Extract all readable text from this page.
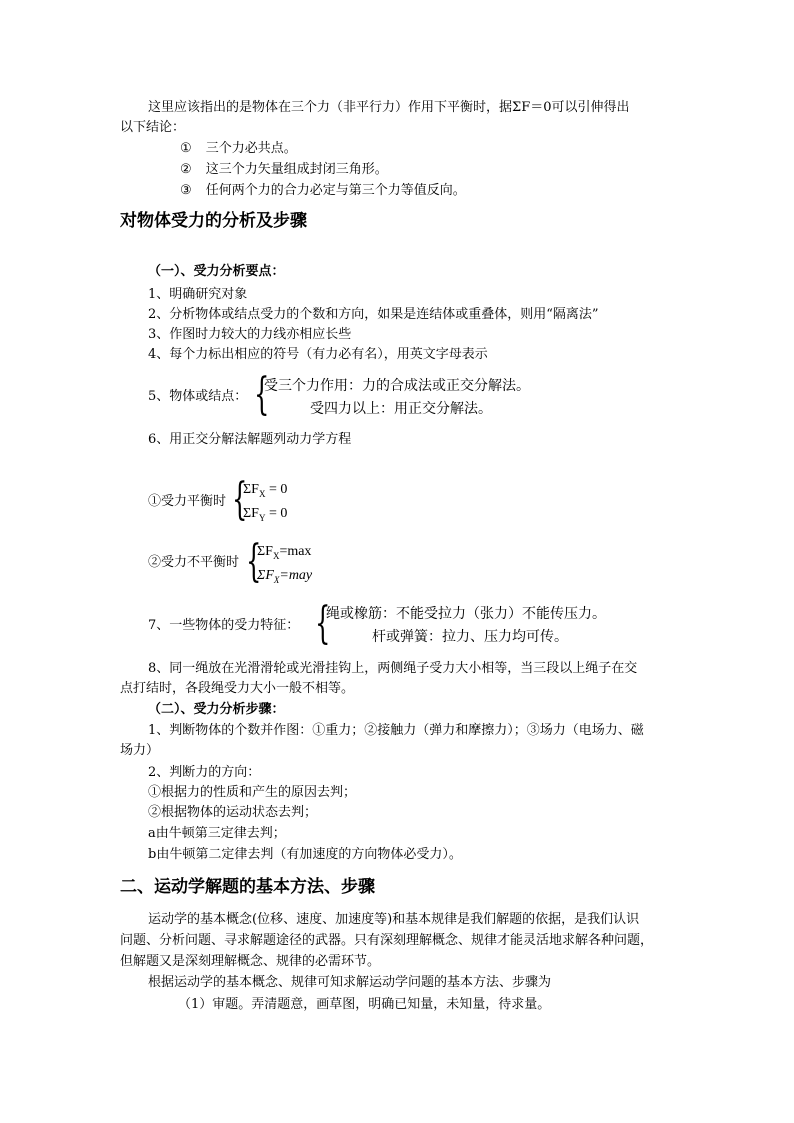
这里应该指出的是物体在三个力（非平行力）作用下平衡时，据ΣF＝0可以引伸得出
以下结论：
① 三个力必共点。
② 这三个力矢量组成封闭三角形。
③ 任何两个力的合力必定与第三个力等值反向。
对物体受力的分析及步骤
（一）、受力分析要点：
1、明确研究对象
2、分析物体或结点受力的个数和方向，如果是连结体或重叠体，则用“隔离法”
3、作图时力较大的力线亦相应长些
4、每个力标出相应的符号（有力必有名），用英文字母表示
5、物体或结点： {
受三个力作用：力的合成法或正交分解法。
受四力以上：用正交分解法。
6、用正交分解法解题列动力学方程
①受力平衡时 {
$\Sigma F_X = 0$
$\Sigma F_Y = 0$
②受力不平衡时 {
$\Sigma F_X=\max$
$\Sigma F_X=may$
7、一些物体的受力特征： {
绳或橡筋：不能受拉力（张力）不能传压力。
杆或弹簧：拉力、压力均可传。
8、同一绳放在光滑滑轮或光滑挂钩上，两侧绳子受力大小相等，当三段以上绳子在交
点打结时，各段绳受力大小一般不相等。
（二）、受力分析步骤：
1、判断物体的个数并作图：①重力；②接触力（弹力和摩擦力）；③场力（电场力、磁
场力）
2、判断力的方向：
①根据力的性质和产生的原因去判；
②根据物体的运动状态去判；
a由牛顿第三定律去判；
b由牛顿第二定律去判（有加速度的方向物体必受力）。
二、运动学解题的基本方法、步骤
运动学的基本概念(位移、速度、加速度等)和基本规律是我们解题的依据，是我们认识
问题、分析问题、寻求解题途径的武器。只有深刻理解概念、规律才能灵活地求解各种问题，
但解题又是深刻理解概念、规律的必需环节。
根据运动学的基本概念、规律可知求解运动学问题的基本方法、步骤为
（1）审题。弄清题意，画草图，明确已知量，未知量，待求量。
